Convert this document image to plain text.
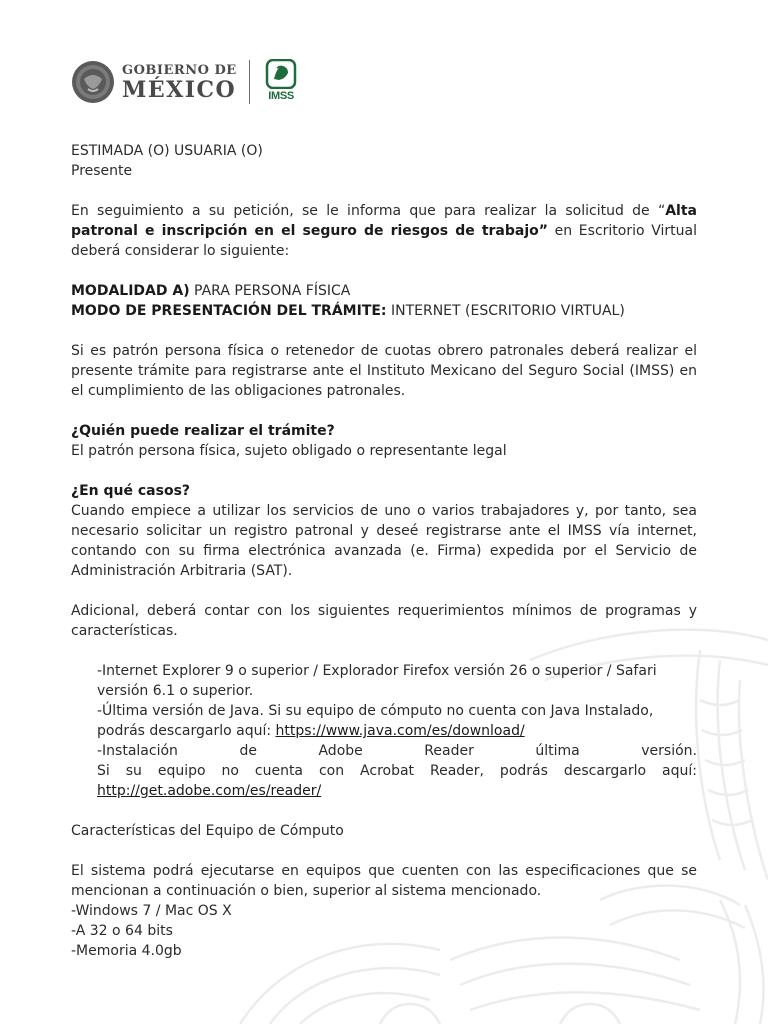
GOBIERNO DE
MÉXICO	IMSS

ESTIMADA (O) USUARIA (O)

Presente

En seguimiento a su petición, se le informa que para realizar la solicitud de “Alta patronal e inscripción en el seguro de riesgos de trabajo” en Escritorio Virtual deberá considerar lo siguiente:

MODALIDAD A) PARA PERSONA FÍSICA

MODO DE PRESENTACIÓN DEL TRÁMITE: INTERNET (ESCRITORIO VIRTUAL)

Si es patrón persona física o retenedor de cuotas obrero patronales deberá realizar el presente trámite para registrarse ante el Instituto Mexicano del Seguro Social (IMSS) en el cumplimiento de las obligaciones patronales.

¿Quién puede realizar el trámite?

El patrón persona física, sujeto obligado o representante legal

¿En qué casos?

Cuando empiece a utilizar los servicios de uno o varios trabajadores y, por tanto, sea necesario solicitar un registro patronal y deseé registrarse ante el IMSS vía internet, contando con su firma electrónica avanzada (e. Firma) expedida por el Servicio de Administración Arbitraria (SAT).

Adicional, deberá contar con los siguientes requerimientos mínimos de programas y características.

-Internet Explorer 9 o superior / Explorador Firefox versión 26 o superior / Safari versión 6.1 o superior.

-Última versión de Java. Si su equipo de cómputo no cuenta con Java Instalado, podrás descargarlo aquí: https://www.java.com/es/download/

-Instalación de Adobe Reader última versión.

Si su equipo no cuenta con Acrobat Reader, podrás descargarlo aquí:

http://get.adobe.com/es/reader/

Características del Equipo de Cómputo

El sistema podrá ejecutarse en equipos que cuenten con las especificaciones que se mencionan a continuación o bien, superior al sistema mencionado.

-Windows 7 / Mac OS X

-A 32 o 64 bits

-Memoria 4.0gb
